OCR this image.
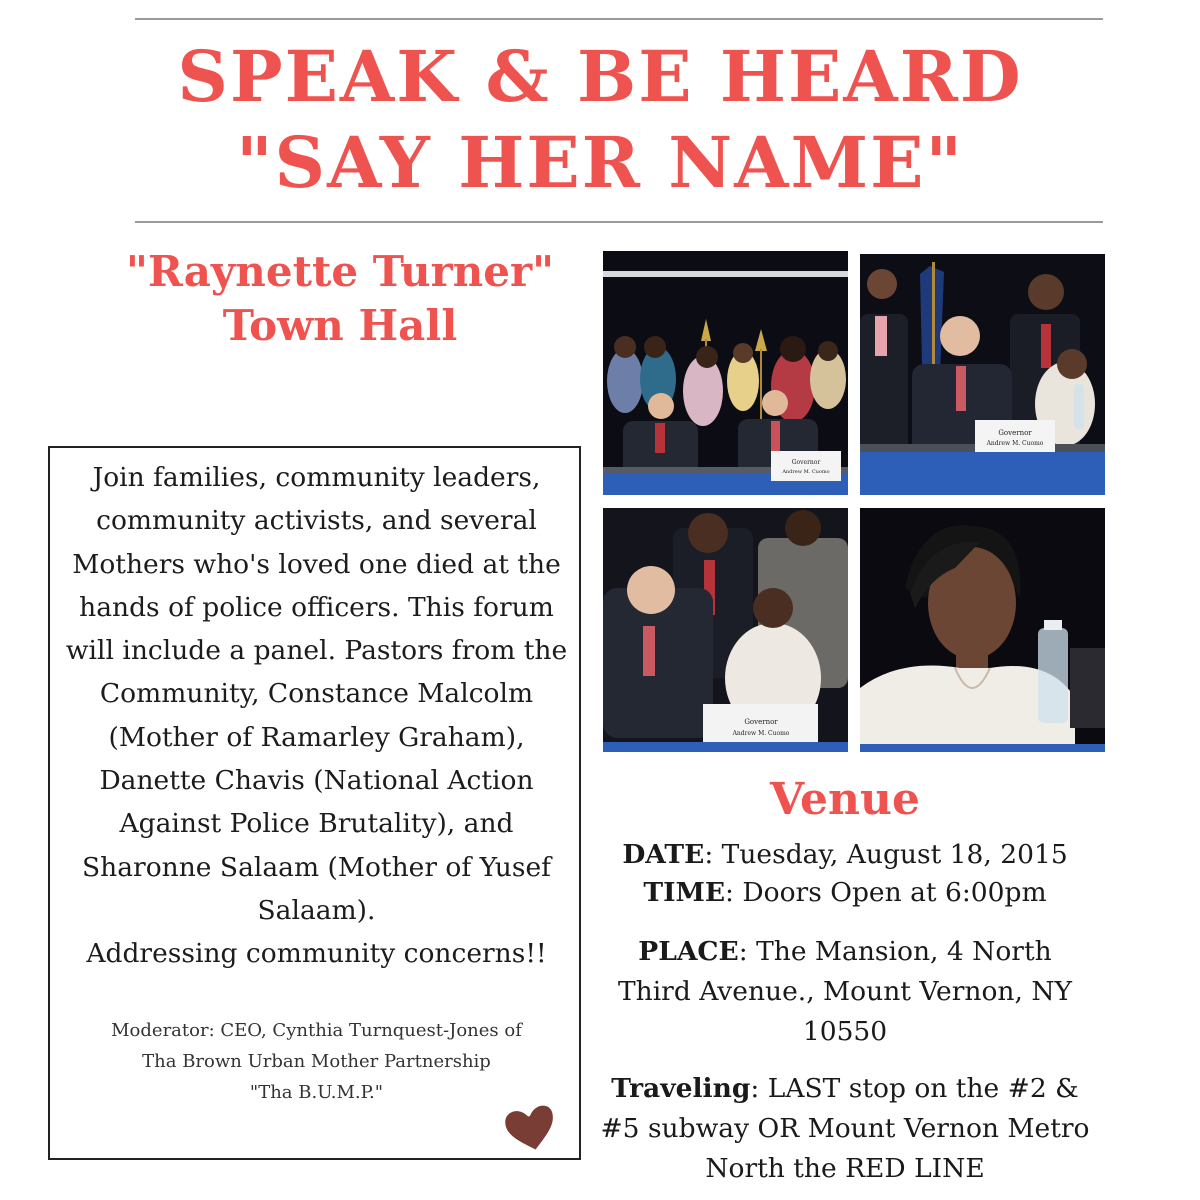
SPEAK & BE HEARD
"SAY HER NAME"
"Raynette Turner"
Town Hall

Join families, community leaders,
community activists, and several
Mothers who's loved one died at the
hands of police officers. This forum
will include a panel. Pastors from the
Community, Constance Malcolm
(Mother of Ramarley Graham),
Danette Chavis (National Action
Against Police Brutality), and
Sharonne Salaam (Mother of Yusef
Salaam).
Addressing community concerns!!

Moderator: CEO, Cynthia Turnquest-Jones of
Tha Brown Urban Mother Partnership
"Tha B.U.M.P."

Governor
Andrew M. Cuomo
Governor
Andrew M. Cuomo
Governor
Andrew M. Cuomo
Venue

DATE: Tuesday, August 18, 2015

TIME: Doors Open at 6:00pm

PLACE: The Mansion, 4 North
Third Avenue., Mount Vernon, NY
10550

Traveling: LAST stop on the #2 &
#5 subway OR Mount Vernon Metro
North the RED LINE
